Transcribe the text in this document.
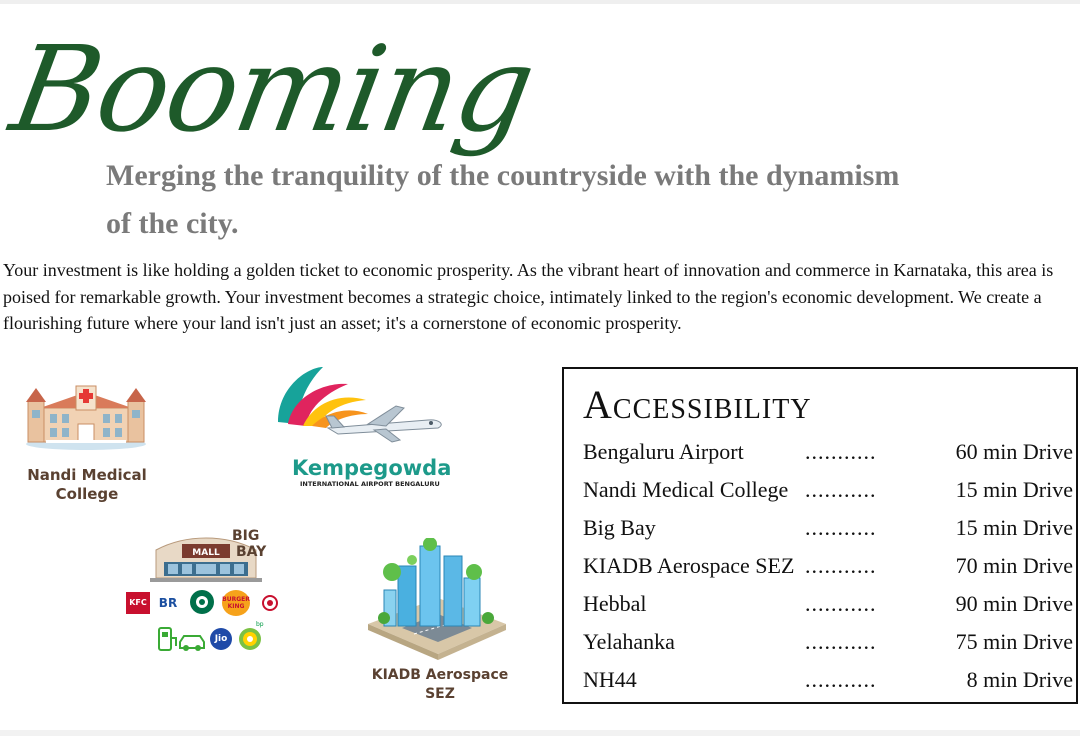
Booming
Merging the tranquility of the countryside with the dynamism of the city.
Your investment is like holding a golden ticket to economic prosperity. As the vibrant heart of innovation and commerce in Karnataka, this area is poised for remarkable growth. Your investment becomes a strategic choice, intimately linked to the region's economic development. We create a flourishing future where your land isn't just an asset; it's a cornerstone of economic prosperity.
Nandi Medical
College
Kempegowda
INTERNATIONAL AIRPORT BENGALURU
MALL
BIG
BAY
KFC BR	BURGER
KING
Jio
bp
KIADB Aerospace
SEZ
Accessibility
Bengaluru Airport	...........	60 min Drive
Nandi Medical College ...........	15 min Drive
Big Bay	...........	15 min Drive
KIADB Aerospace SEZ ...........	70 min Drive
Hebbal	...........	90 min Drive
Yelahanka	...........	75 min Drive
NH44	...........	8 min Drive
